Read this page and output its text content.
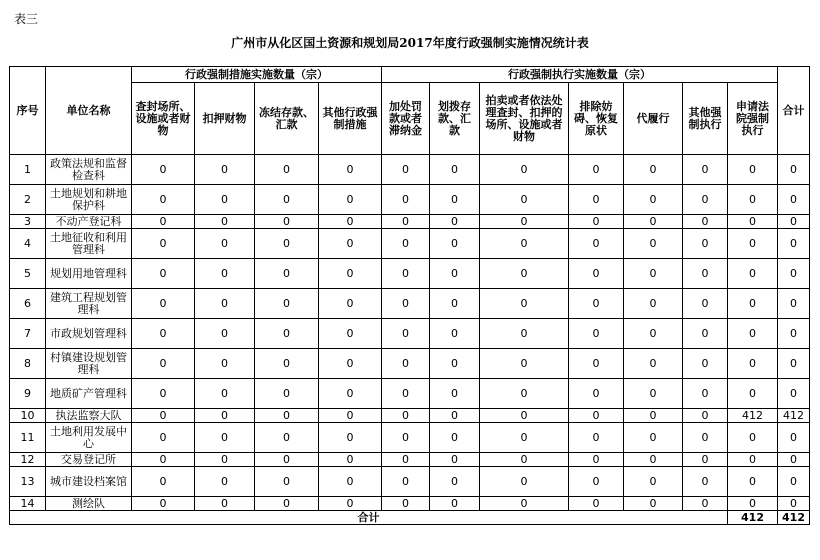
表三
广州市从化区国土资源和规划局2017年度行政强制实施情况统计表
序号	单位名称	行政强制措施实施数量（宗）				行政强制执行实施数量（宗）							合计
		查封场所、设施或者财物	扣押财物	冻结存款、汇款	其他行政强制措施	加处罚款或者滞纳金	划拨存款、汇款	拍卖或者依法处理查封、扣押的场所、设施或者财物	排除妨碍、恢复原状	代履行	其他强制执行	申请法院强制执行	
1	政策法规和监督检查科	0	0	0	0	0	0	0	0	0	0	0	0
2	土地规划和耕地保护科	0	0	0	0	0	0	0	0	0	0	0	0
3	不动产登记科	0	0	0	0	0	0	0	0	0	0	0	0
4	土地征收和利用管理科	0	0	0	0	0	0	0	0	0	0	0	0
5	规划用地管理科	0	0	0	0	0	0	0	0	0	0	0	0
6	建筑工程规划管理科	0	0	0	0	0	0	0	0	0	0	0	0
7	市政规划管理科	0	0	0	0	0	0	0	0	0	0	0	0
8	村镇建设规划管理科	0	0	0	0	0	0	0	0	0	0	0	0
9	地质矿产管理科	0	0	0	0	0	0	0	0	0	0	0	0
10	执法监察大队	0	0	0	0	0	0	0	0	0	0	412	412
11	土地利用发展中心	0	0	0	0	0	0	0	0	0	0	0	0
12	交易登记所	0	0	0	0	0	0	0	0	0	0	0	0
13	城市建设档案馆	0	0	0	0	0	0	0	0	0	0	0	0
14	测绘队	0	0	0	0	0	0	0	0	0	0	0	0
合计												412	412
